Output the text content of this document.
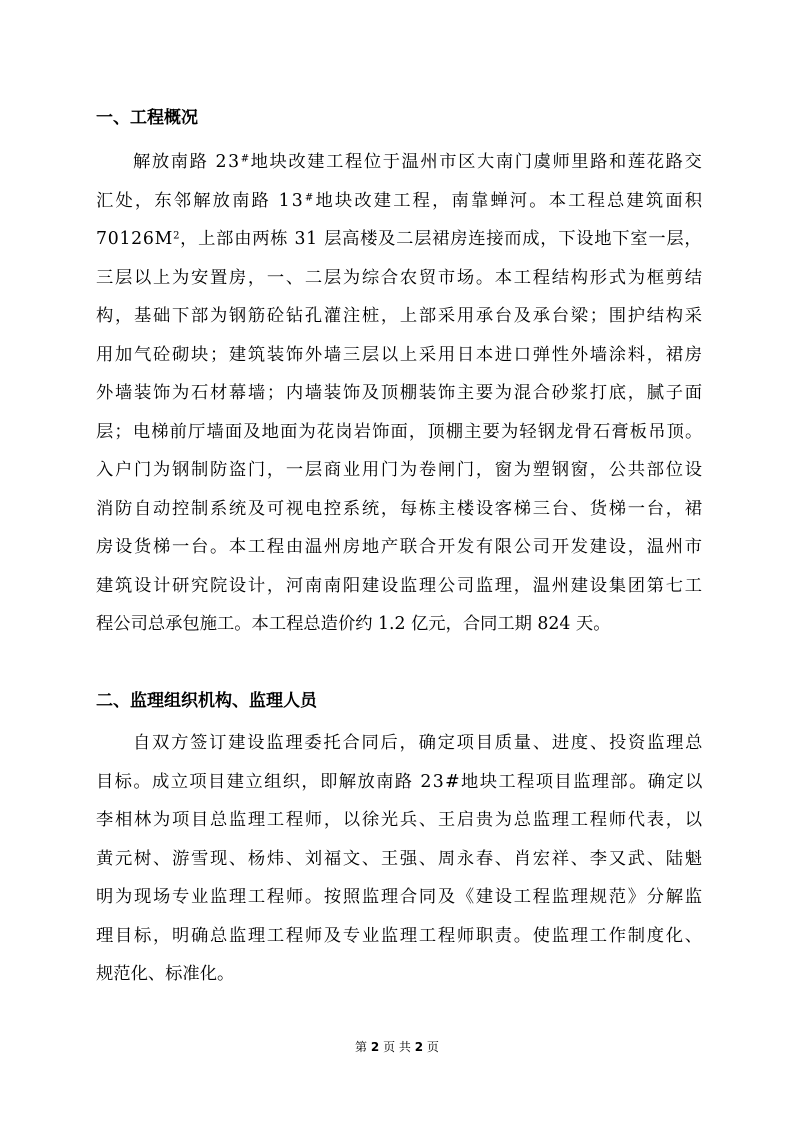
一、工程概况

解放南路 23#地块改建工程位于温州市区大南门虞师里路和莲花路交

汇处，东邻解放南路 13#地块改建工程，南靠蝉河。本工程总建筑面积

$70126M^2$，上部由两栋 31 层高楼及二层裙房连接而成，下设地下室一层，

三层以上为安置房，一、二层为综合农贸市场。本工程结构形式为框剪结

构，基础下部为钢筋砼钻孔灌注桩，上部采用承台及承台梁；围护结构采

用加气砼砌块；建筑装饰外墙三层以上采用日本进口弹性外墙涂料，裙房

外墙装饰为石材幕墙；内墙装饰及顶棚装饰主要为混合砂浆打底，腻子面

层；电梯前厅墙面及地面为花岗岩饰面，顶棚主要为轻钢龙骨石膏板吊顶。

入户门为钢制防盗门，一层商业用门为卷闸门，窗为塑钢窗，公共部位设

消防自动控制系统及可视电控系统，每栋主楼设客梯三台、货梯一台，裙

房设货梯一台。本工程由温州房地产联合开发有限公司开发建设，温州市

建筑设计研究院设计，河南南阳建设监理公司监理，温州建设集团第七工

程公司总承包施工。本工程总造价约 1.2 亿元，合同工期 824 天。

二、监理组织机构、监理人员

自双方签订建设监理委托合同后，确定项目质量、进度、投资监理总

目标。成立项目建立组织，即解放南路 23#地块工程项目监理部。确定以

李相林为项目总监理工程师，以徐光兵、王启贵为总监理工程师代表，以

黄元树、游雪现、杨炜、刘福文、王强、周永春、肖宏祥、李又武、陆魁

明为现场专业监理工程师。按照监理合同及《建设工程监理规范》分解监

理目标，明确总监理工程师及专业监理工程师职责。使监理工作制度化、

规范化、标准化。

第 2 页 共 2 页
